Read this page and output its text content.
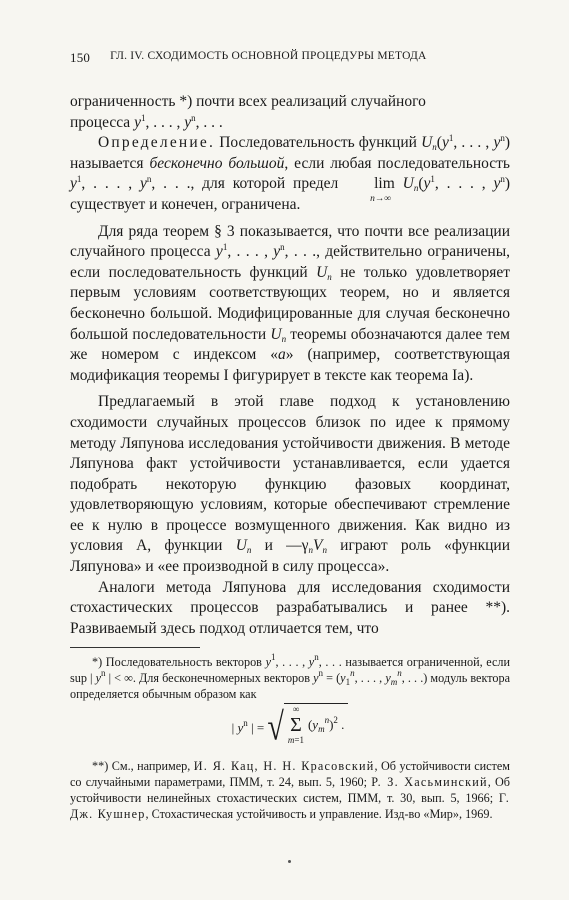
150 ГЛ. IV. СХОДИМОСТЬ ОСНОВНОЙ ПРОЦЕДУРЫ МЕТОДА

ограниченность *) почти всех реализаций случайного
процесса $y^1$, . . . , $y^n$, . . .

Определение. Последовательность функций $U_n(y^1$, . . . , $y^n$) называется бесконечно большой, если любая последовательность $y^1$, . . . , $y^n$, . . ., для которой предел lim
n→∞
$U_n(y^1$, . . . , $y^n$) существует и конечен, ограничена.

Для ряда теорем § 3 показывается, что почти все реализации случайного процесса $y^1$, . . . , $y^n$, . . ., действительно ограничены, если последовательность функций $U_n$ не только удовлетворяет первым условиям соответствующих теорем, но и является бесконечно большой. Модифицированные для случая бесконечно большой последовательности $U_n$ теоремы обозначаются далее тем же номером с индексом «а» (например, соответствующая модификация теоремы I фигурирует в тексте как теорема Iа).

Предлагаемый в этой главе подход к установлению сходимости случайных процессов близок по идее к прямому методу Ляпунова исследования устойчивости движения. В методе Ляпунова факт устойчивости устанавливается, если удается подобрать некоторую функцию фазовых координат, удовлетворяющую условиям, которые обеспечивают стремление ее к нулю в процессе возмущенного движения. Как видно из условия А, функции $U_n$ и $—\gamma_nV_n$ играют роль «функции Ляпунова» и «ее производной в силу процесса».

Аналоги метода Ляпунова для исследования сходимости стохастических процессов разрабатывались и ранее **). Развиваемый здесь подход отличается тем, что

*) Последовательность векторов $y^1$, . . . , $y^n$, . . . называется ограниченной, если sup | $y^n$ | < ∞. Для бесконечномерных векторов $y^n = (y_1^n$, . . . , $y_m^n$, . . .) модуль вектора определяется обычным образом как

| $y^n$ | = √ ∞
Σ
m=1
$(y_m^n)^2$ .

**) См., например, И. Я. Кац, Н. Н. Красовский, Об устойчивости систем со случайными параметрами, ПММ, т. 24, вып. 5, 1960; Р. З. Хасьминский, Об устойчивости нелинейных стохастических систем, ПММ, т. 30, вып. 5, 1966; Г. Дж. Кушнер, Стохастическая устойчивость и управление. Изд-во «Мир», 1969.
